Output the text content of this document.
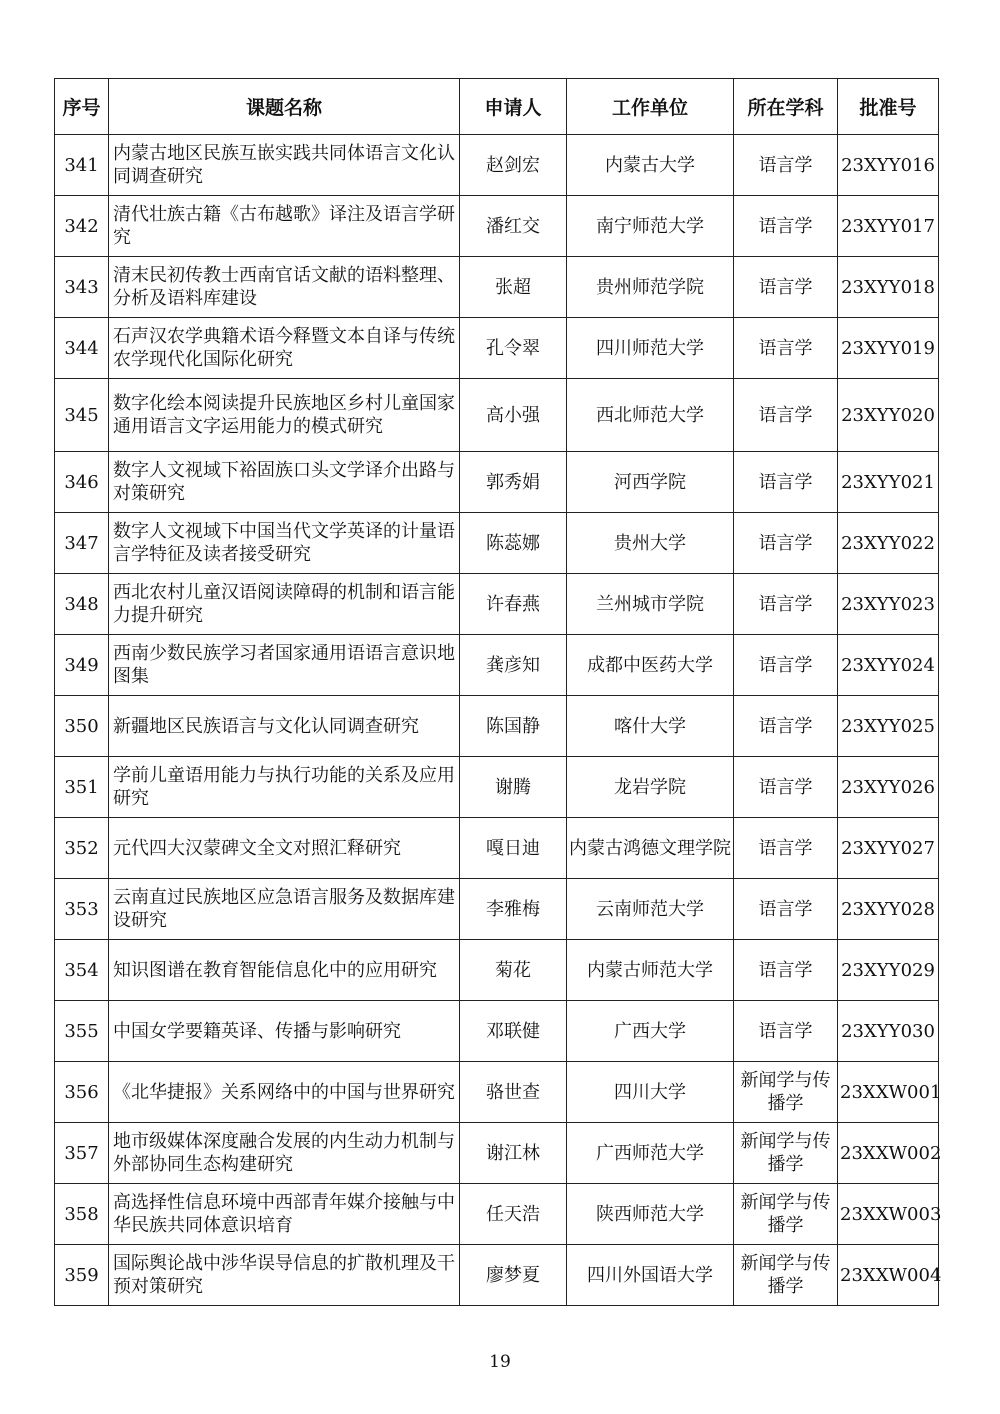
序号	课题名称	申请人	工作单位	所在学科	批准号
341	内蒙古地区民族互嵌实践共同体语言文化认同调查研究	赵剑宏	内蒙古大学	语言学	23XYY016
342	清代壮族古籍《古布越歌》译注及语言学研究	潘红交	南宁师范大学	语言学	23XYY017
343	清末民初传教士西南官话文献的语料整理、分析及语料库建设	张超	贵州师范学院	语言学	23XYY018
344	石声汉农学典籍术语今释暨文本自译与传统农学现代化国际化研究	孔令翠	四川师范大学	语言学	23XYY019
345	数字化绘本阅读提升民族地区乡村儿童国家通用语言文字运用能力的模式研究	高小强	西北师范大学	语言学	23XYY020
346	数字人文视域下裕固族口头文学译介出路与对策研究	郭秀娟	河西学院	语言学	23XYY021
347	数字人文视域下中国当代文学英译的计量语言学特征及读者接受研究	陈蕊娜	贵州大学	语言学	23XYY022
348	西北农村儿童汉语阅读障碍的机制和语言能力提升研究	许春燕	兰州城市学院	语言学	23XYY023
349	西南少数民族学习者国家通用语语言意识地图集	龚彦知	成都中医药大学	语言学	23XYY024
350	新疆地区民族语言与文化认同调查研究	陈国静	喀什大学	语言学	23XYY025
351	学前儿童语用能力与执行功能的关系及应用研究	谢腾	龙岩学院	语言学	23XYY026
352	元代四大汉蒙碑文全文对照汇释研究	嘎日迪	内蒙古鸿德文理学院	语言学	23XYY027
353	云南直过民族地区应急语言服务及数据库建设研究	李雅梅	云南师范大学	语言学	23XYY028
354	知识图谱在教育智能信息化中的应用研究	菊花	内蒙古师范大学	语言学	23XYY029
355	中国女学要籍英译、传播与影响研究	邓联健	广西大学	语言学	23XYY030
356	《北华捷报》关系网络中的中国与世界研究	骆世查	四川大学	新闻学与传播学	23XXW001
357	地市级媒体深度融合发展的内生动力机制与外部协同生态构建研究	谢江林	广西师范大学	新闻学与传播学	23XXW002
358	高选择性信息环境中西部青年媒介接触与中华民族共同体意识培育	任天浩	陕西师范大学	新闻学与传播学	23XXW003
359	国际舆论战中涉华误导信息的扩散机理及干预对策研究	廖梦夏	四川外国语大学	新闻学与传播学	23XXW004
19
